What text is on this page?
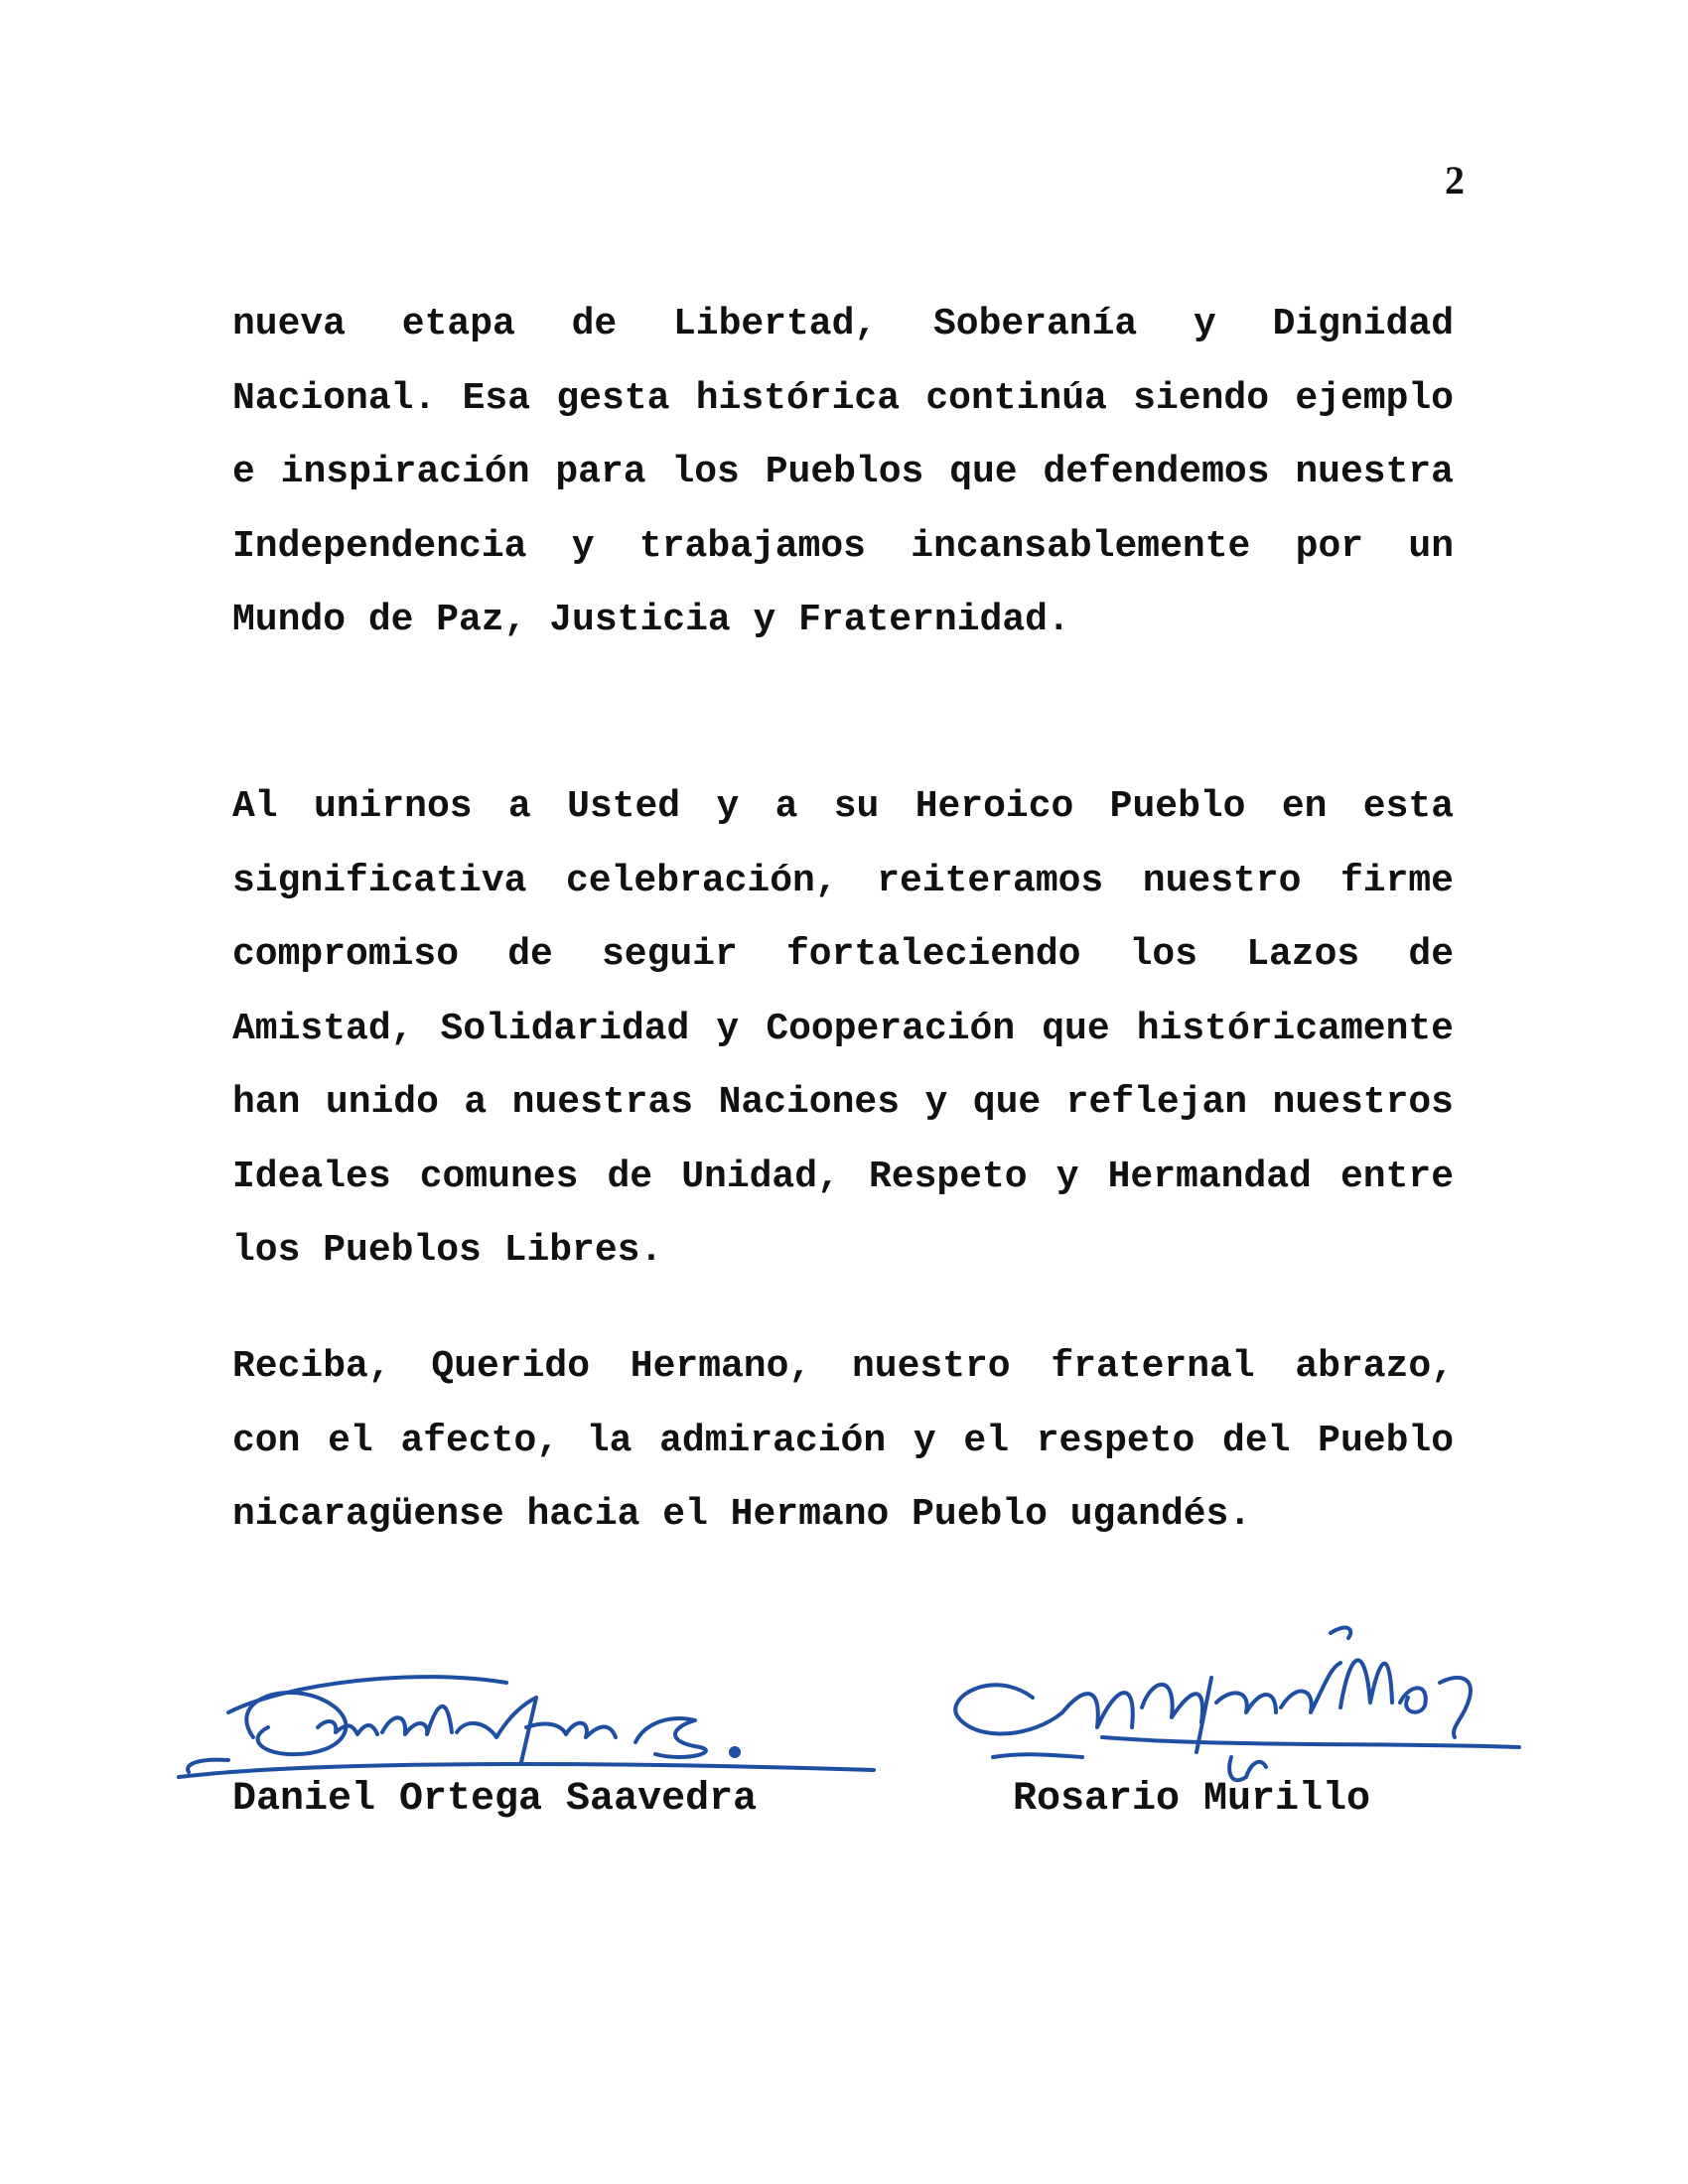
2

nueva etapa de Libertad, Soberanía y Dignidad Nacional. Esa gesta histórica continúa siendo ejemplo e inspiración para los Pueblos que defendemos nuestra Independencia y trabajamos incansablemente por un Mundo de Paz, Justicia y Fraternidad.

Al unirnos a Usted y a su Heroico Pueblo en esta significativa celebración, reiteramos nuestro firme compromiso de seguir fortaleciendo los Lazos de Amistad, Solidaridad y Cooperación que históricamente han unido a nuestras Naciones y que reflejan nuestros Ideales comunes de Unidad, Respeto y Hermandad entre los Pueblos Libres.

Reciba, Querido Hermano, nuestro fraternal abrazo, con el afecto, la admiración y el respeto del Pueblo nicaragüense hacia el Hermano Pueblo ugandés.

Daniel Ortega Saavedra	Rosario Murillo
